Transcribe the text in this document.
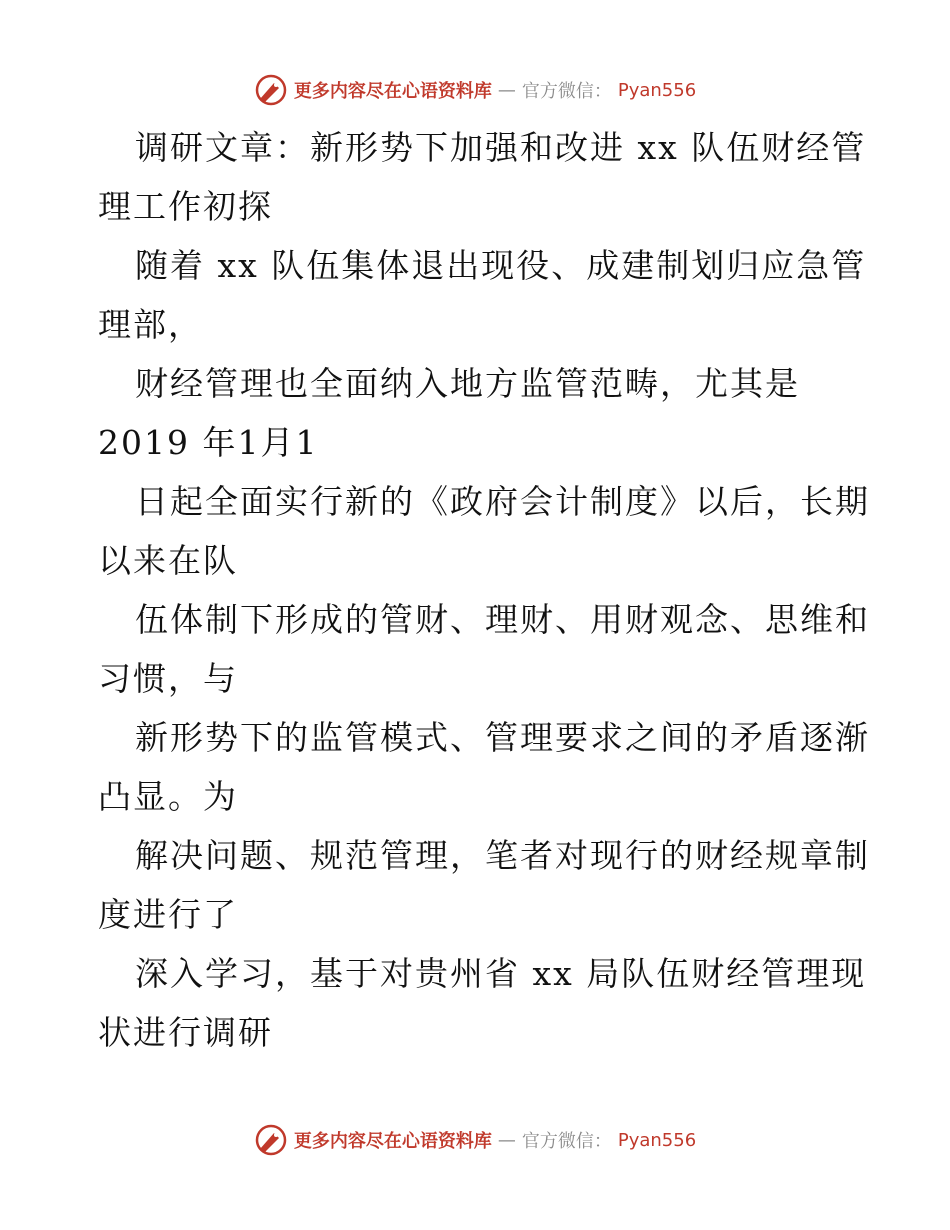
更多内容尽在心语资料库 — 官方微信： Pyan556

调研文章：新形势下加强和改进 xx 队伍财经管
理工作初探

随着 xx 队伍集体退出现役、成建制划归应急管
理部，

财经管理也全面纳入地方监管范畴，尤其是
2019 年1月1

日起全面实行新的《政府会计制度》以后，长期
以来在队

伍体制下形成的管财、理财、用财观念、思维和
习惯，与

新形势下的监管模式、管理要求之间的矛盾逐渐
凸显。为

解决问题、规范管理，笔者对现行的财经规章制
度进行了

深入学习，基于对贵州省 xx 局队伍财经管理现
状进行调研

更多内容尽在心语资料库 — 官方微信： Pyan556
